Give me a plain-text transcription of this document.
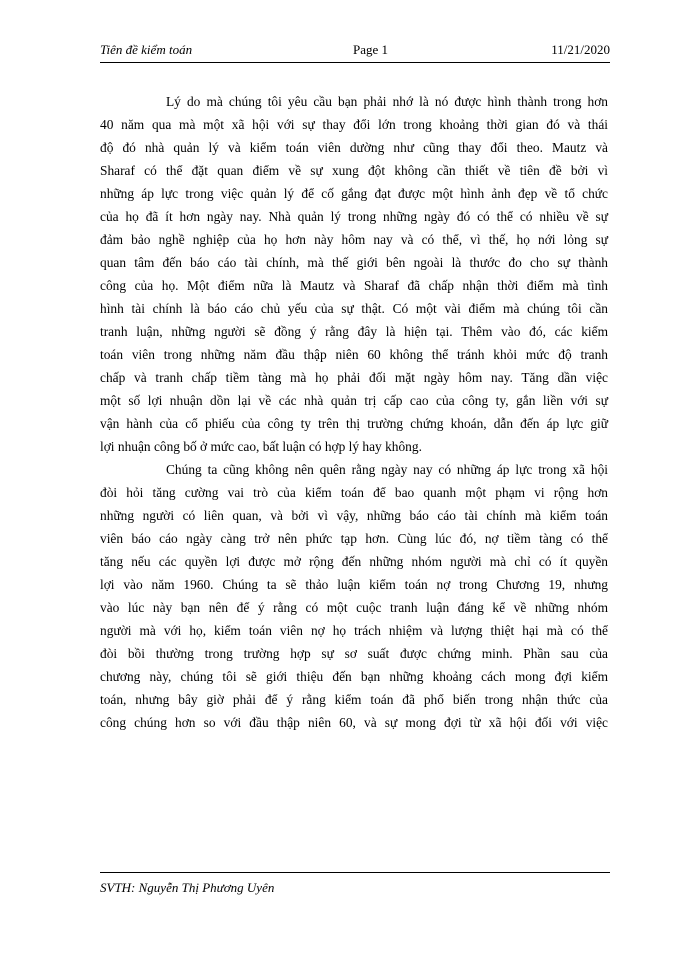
Tiên đề kiểm toán	Page 1	11/21/2020
Lý do mà chúng tôi yêu cầu bạn phải nhớ là nó được hình thành trong hơn
40 năm qua mà một xã hội với sự thay đổi lớn trong khoảng thời gian đó và thái
độ đó nhà quản lý và kiểm toán viên dường như cũng thay đổi theo. Mautz và
Sharaf có thể đặt quan điểm về sự xung đột không cần thiết về tiên đề bởi vì
những áp lực trong việc quản lý để cố gắng đạt được một hình ảnh đẹp về tổ chức
của họ đã ít hơn ngày nay. Nhà quản lý trong những ngày đó có thể có nhiều về sự
đảm bảo nghề nghiệp của họ hơn này hôm nay và có thể, vì thế, họ nới lỏng sự
quan tâm đến báo cáo tài chính, mà thế giới bên ngoài là thước đo cho sự thành
công của họ. Một điểm nữa là Mautz và Sharaf đã chấp nhận thời điểm mà tình
hình tài chính là báo cáo chủ yếu của sự thật. Có một vài điểm mà chúng tôi cần
tranh luận, những người sẽ đồng ý rằng đây là hiện tại. Thêm vào đó, các kiểm
toán viên trong những năm đầu thập niên 60 không thể tránh khỏi mức độ tranh
chấp và tranh chấp tiềm tàng mà họ phải đối mặt ngày hôm nay. Tăng dần việc
một số lợi nhuận dồn lại về các nhà quản trị cấp cao của công ty, gắn liền với sự
vận hành của cổ phiếu của công ty trên thị trường chứng khoán, dẫn đến áp lực giữ
lợi nhuận công bố ở mức cao, bất luận có hợp lý hay không.
Chúng ta cũng không nên quên rằng ngày nay có những áp lực trong xã hội
đòi hỏi tăng cường vai trò của kiểm toán để bao quanh một phạm vi rộng hơn
những người có liên quan, và bởi vì vậy, những báo cáo tài chính mà kiểm toán
viên báo cáo ngày càng trở nên phức tạp hơn. Cùng lúc đó, nợ tiềm tàng có thể
tăng nếu các quyền lợi được mở rộng đến những nhóm người mà chỉ có ít quyền
lợi vào năm 1960. Chúng ta sẽ thảo luận kiểm toán nợ trong Chương 19, nhưng
vào lúc này bạn nên để ý rằng có một cuộc tranh luận đáng kể về những nhóm
người mà với họ, kiểm toán viên nợ họ trách nhiệm và lượng thiệt hại mà có thể
đòi bồi thường trong trường hợp sự sơ suất được chứng minh. Phần sau của
chương này, chúng tôi sẽ giới thiệu đến bạn những khoảng cách mong đợi kiểm
toán, nhưng bây giờ phải để ý rằng kiểm toán đã phổ biến trong nhận thức của
công chúng hơn so với đầu thập niên 60, và sự mong đợi từ xã hội đối với việc
SVTH: Nguyễn Thị Phương Uyên
